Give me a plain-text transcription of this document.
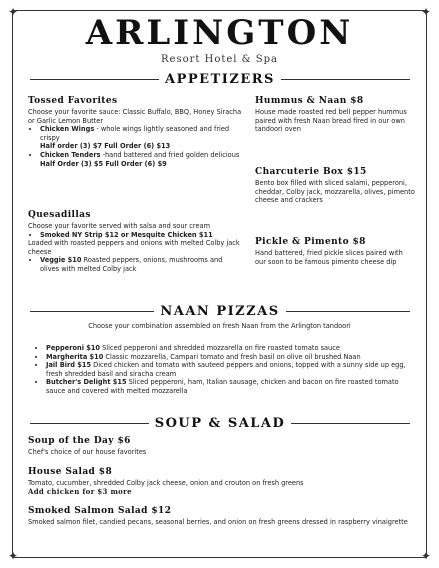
✦	✦
✦	✦
ARLINGTON
Resort Hotel & Spa
APPETIZERS
Tossed Favorites
Choose your favorite sauce: Classic Buffalo, BBQ, Honey Siracha or Garlic Lemon Butter
• Chicken Wings - whole wings lightly seasoned and fried crispy
Half order (3) $7 Full Order (6) $13
• Chicken Tenders -hand battered and fried golden delicious
Half Order (3) $5 Full Order (6) $9
Quesadillas
Choose your favorite served with salsa and sour cream
• Smoked NY Strip $12 or Mesquite Chicken $11
Loaded with roasted peppers and onions with melted Colby jack cheese
• Veggie $10 Roasted peppers, onions, mushrooms and olives with melted Colby jack
Hummus & Naan $8
House made roasted red bell pepper hummus paired with fresh Naan bread fired in our own tandoori oven
Charcuterie Box $15
Bento box filled with sliced salami, pepperoni, cheddar, Colby jack, mozzarella, olives, pimento cheese and crackers
Pickle & Pimento $8
Hand battered, fried pickle slices paired with our soon to be famous pimento cheese dip
NAAN PIZZAS
Choose your combination assembled on fresh Naan from the Arlington tandoori
• Pepperoni $10 Sliced pepperoni and shredded mozzarella on fire roasted tomato sauce
• Margherita $10 Classic mozzarella, Campari tomato and fresh basil on olive oil brushed Naan
• Jail Bird $15 Diced chicken and tomato with sauteed peppers and onions, topped with a sunny side up egg, fresh shredded basil and siracha cream
• Butcher's Delight $15 Sliced pepperoni, ham, Italian sausage, chicken and bacon on fire roasted tomato sauce and covered with melted mozzarella
SOUP & SALAD
Soup of the Day $6
Chef's choice of our house favorites
House Salad $8
Tomato, cucumber, shredded Colby jack cheese, onion and crouton on fresh greens
Add chicken for $3 more
Smoked Salmon Salad $12
Smoked salmon filet, candied pecans, seasonal berries, and onion on fresh greens dressed in raspberry vinaigrette
